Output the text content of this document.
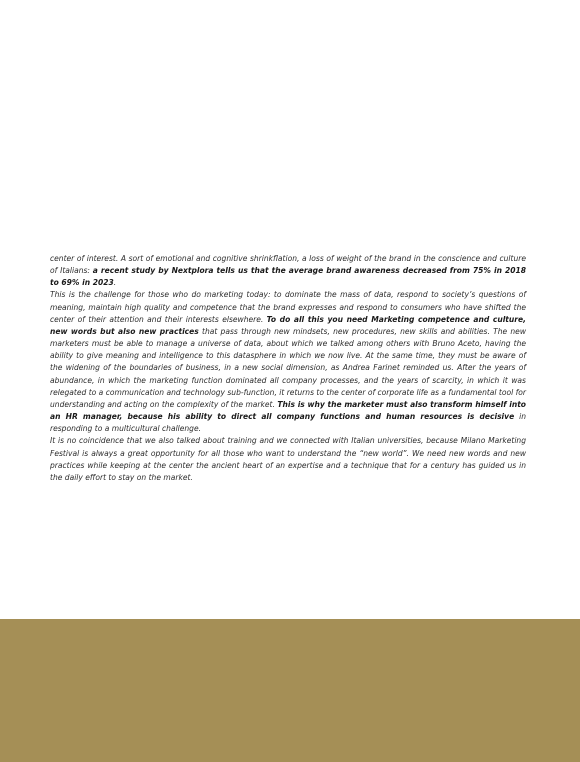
center of interest. A sort of emotional and cognitive shrinkflation, a loss of weight of the brand in the conscience and culture of Italians: a recent study by Nextplora tells us that the average brand awareness decreased from 75% in 2018 to 69% in 2023.

This is the challenge for those who do marketing today: to dominate the mass of data, respond to society’s questions of meaning, maintain high quality and competence that the brand expresses and respond to consumers who have shifted the center of their attention and their interests elsewhere. To do all this you need Marketing competence and culture, new words but also new practices that pass through new mindsets, new procedures, new skills and abilities. The new marketers must be able to manage a universe of data, about which we talked among others with Bruno Aceto, having the ability to give meaning and intelligence to this datasphere in which we now live. At the same time, they must be aware of the widening of the boundaries of business, in a new social dimension, as Andrea Farinet reminded us. After the years of abundance, in which the marketing function dominated all company processes, and the years of scarcity, in which it was relegated to a communication and technology sub-function, it returns to the center of corporate life as a fundamental tool for understanding and acting on the complexity of the market. This is why the marketer must also transform himself into an HR manager, because his ability to direct all company functions and human resources is decisive in responding to a multicultural challenge.

It is no coincidence that we also talked about training and we connected with Italian universities, because Milano Marketing Festival is always a great opportunity for all those who want to understand the “new world”. We need new words and new practices while keeping at the center the ancient heart of an expertise and a technique that for a century has guided us in the daily effort to stay on the market.
